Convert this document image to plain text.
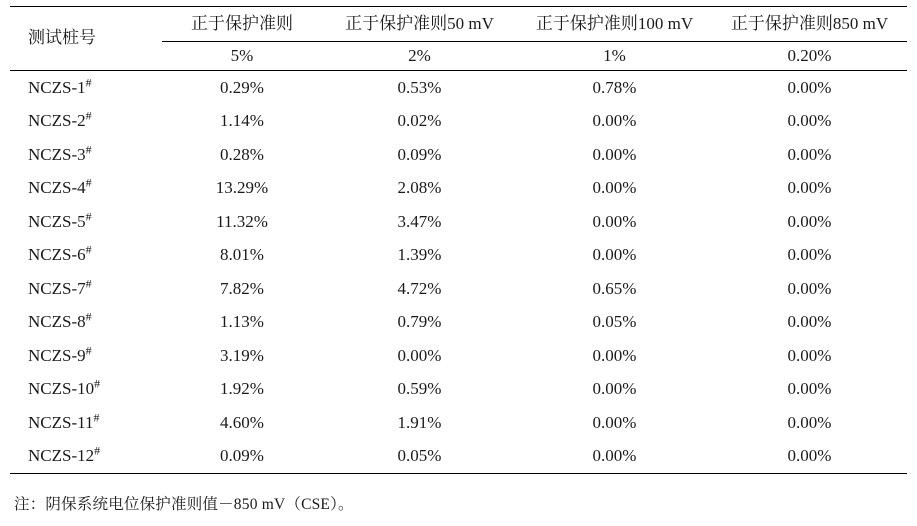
测试桩号	正于保护准则	正于保护准则50 mV	正于保护准则100 mV	正于保护准则850 mV
	5%	2%	1%	0.20%
NCZS-1#	0.29%	0.53%	0.78%	0.00%
NCZS-2#	1.14%	0.02%	0.00%	0.00%
NCZS-3#	0.28%	0.09%	0.00%	0.00%
NCZS-4#	13.29%	2.08%	0.00%	0.00%
NCZS-5#	11.32%	3.47%	0.00%	0.00%
NCZS-6#	8.01%	1.39%	0.00%	0.00%
NCZS-7#	7.82%	4.72%	0.65%	0.00%
NCZS-8#	1.13%	0.79%	0.05%	0.00%
NCZS-9#	3.19%	0.00%	0.00%	0.00%
NCZS-10#	1.92%	0.59%	0.00%	0.00%
NCZS-11#	4.60%	1.91%	0.00%	0.00%
NCZS-12#	0.09%	0.05%	0.00%	0.00%
注：阴保系统电位保护准则值－850 mV（CSE）。
